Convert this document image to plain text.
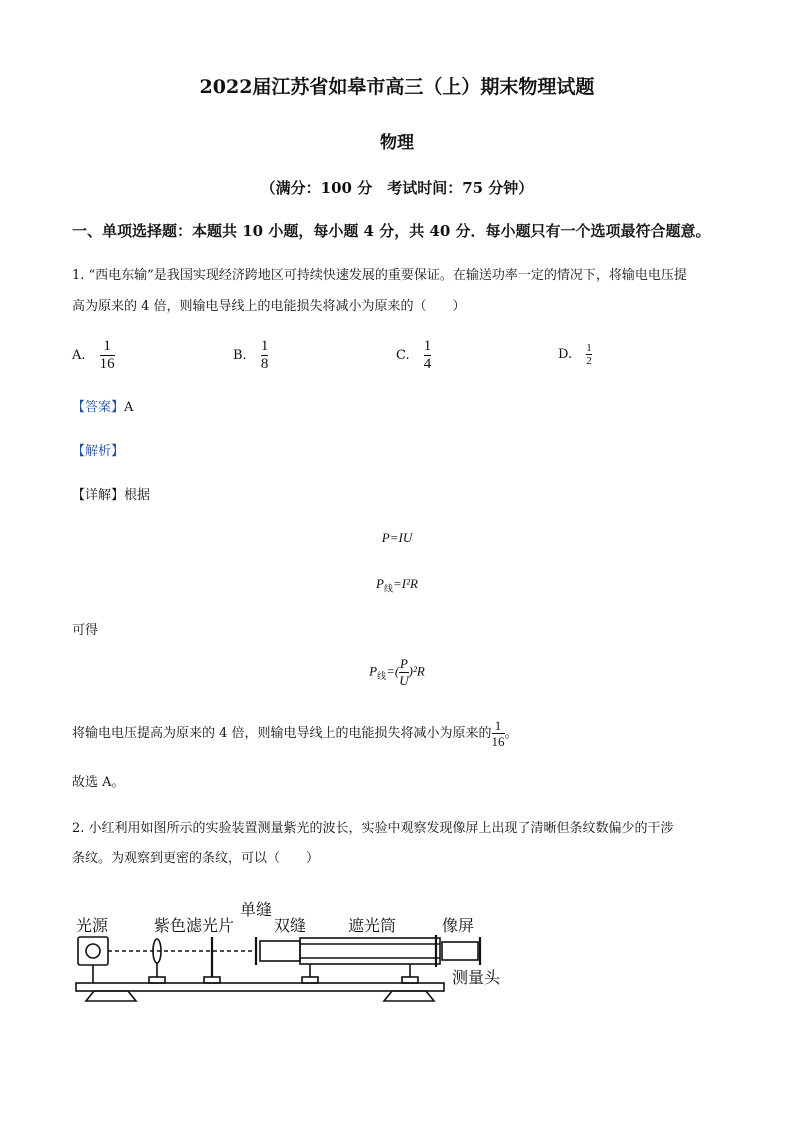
2022届江苏省如皋市高三（上）期末物理试题
物理
（满分：100 分　考试时间：75 分钟）
一、单项选择题：本题共 10 小题，每小题 4 分，共 40 分．每小题只有一个选项最符合题意。
1. “西电东输”是我国实现经济跨地区可持续快速发展的重要保证。在输送功率一定的情况下，将输电电压提
高为原来的 4 倍，则输电导线上的电能损失将减小为原来的（　　）
A. $\frac{1}{16}$	B. $\frac{1}{8}$	C. $\frac{1}{4}$	D. $\frac{1}{2}$
【答案】A
【解析】
【详解】根据
P=IU
$P_线=I^2R$
可得
$P_线=( \frac{P}{U} )^2R$
将输电电压提高为原来的 4 倍，则输电导线上的电能损失将减小为原来的 $\frac{1}{16}$ 。
故选 A。
2. 小红利用如图所示的实验装置测量紫光的波长，实验中观察发现像屏上出现了清晰但条纹数偏少的干涉
条纹。为观察到更密的条纹，可以（　　）
光源	紫色滤光片
单缝
双缝	遮光筒	像屏
测量头
